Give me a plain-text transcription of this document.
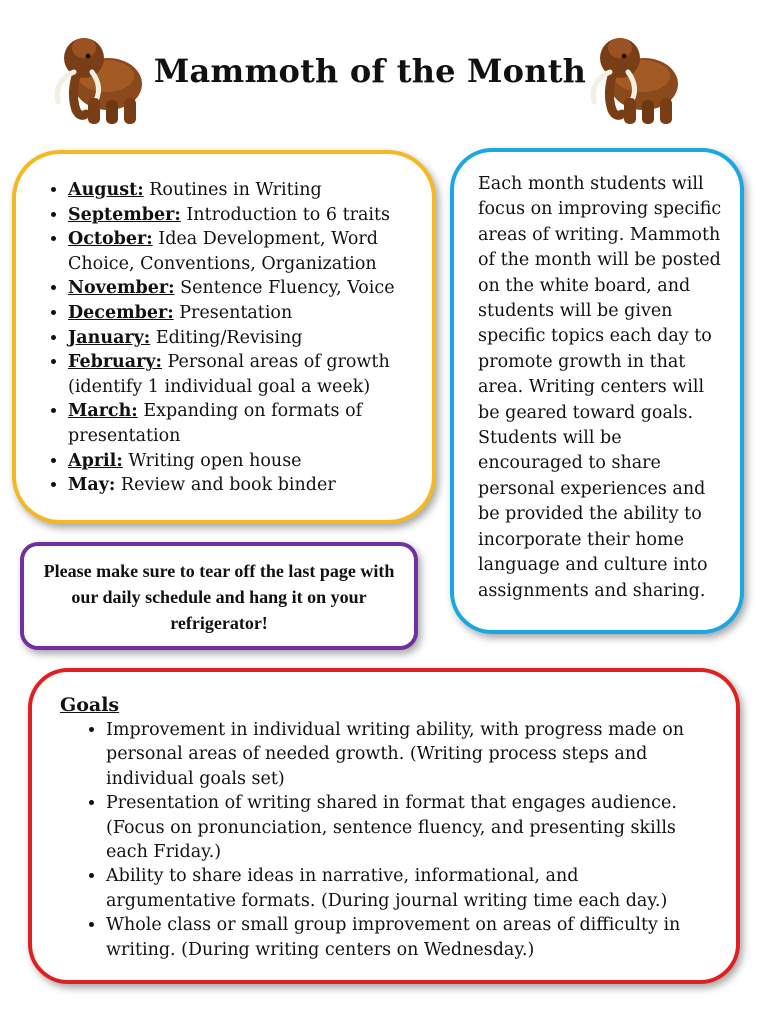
Mammoth of the Month
• August: Routines in Writing
• September: Introduction to 6 traits
• October: Idea Development, Word Choice, Conventions, Organization
• November: Sentence Fluency, Voice
• December: Presentation
• January: Editing/Revising
• February: Personal areas of growth (identify 1 individual goal a week)
• March: Expanding on formats of presentation
• April: Writing open house
• May: Review and book binder

Each month students will focus on improving specific areas of writing. Mammoth of the month will be posted on the white board, and students will be given specific topics each day to promote growth in that area. Writing centers will be geared toward goals. Students will be encouraged to share personal experiences and be provided the ability to incorporate their home language and culture into assignments and sharing.

Please make sure to tear off the last page with our daily schedule and hang it on your refrigerator!
Goals
• Improvement in individual writing ability, with progress made on personal areas of needed growth. (Writing process steps and individual goals set)
• Presentation of writing shared in format that engages audience. (Focus on pronunciation, sentence fluency, and presenting skills each Friday.)
• Ability to share ideas in narrative, informational, and argumentative formats. (During journal writing time each day.)
• Whole class or small group improvement on areas of difficulty in writing. (During writing centers on Wednesday.)
